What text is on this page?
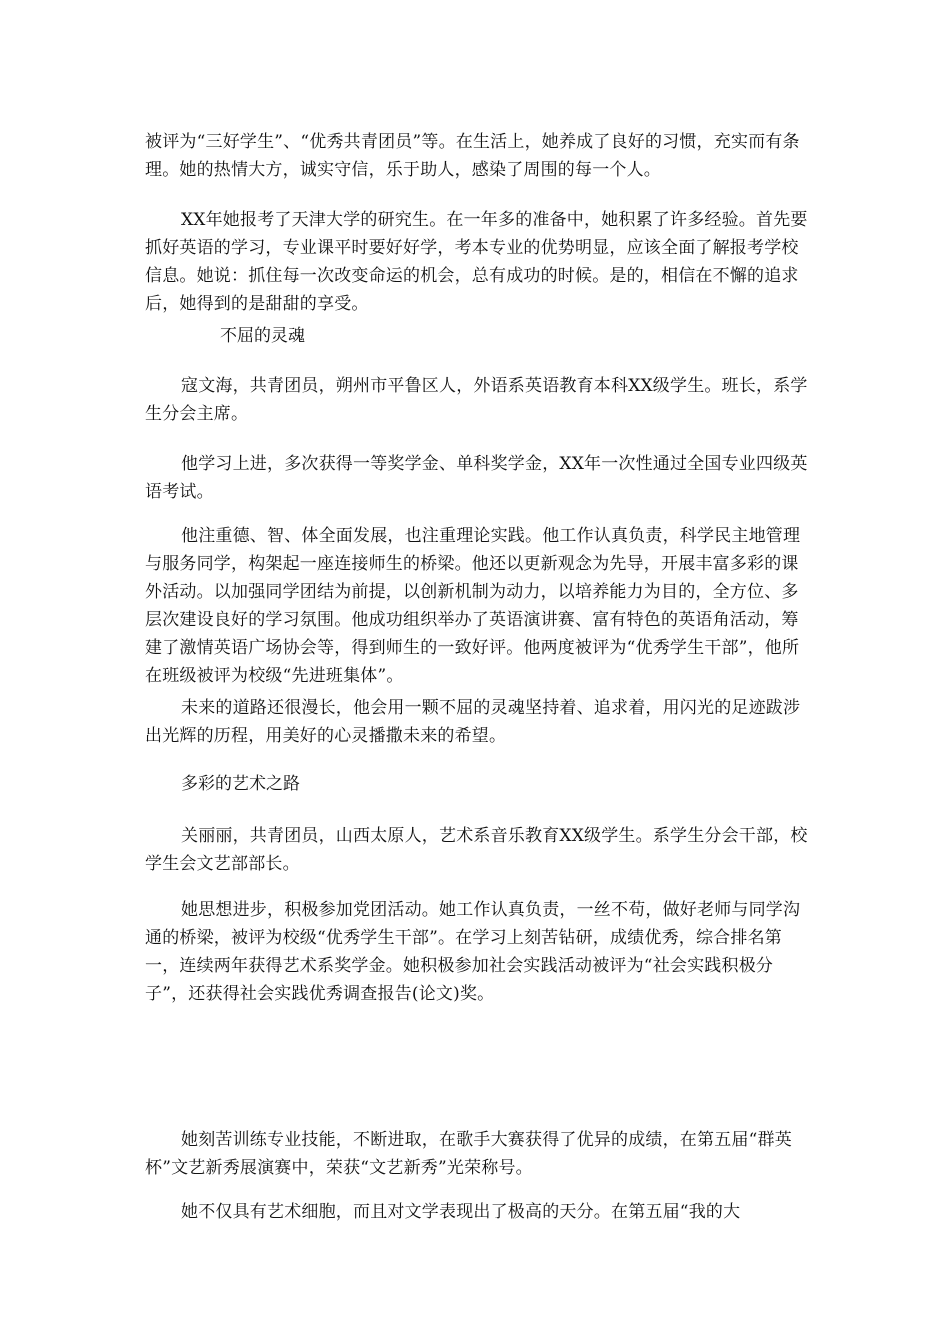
被评为“三好学生”、“优秀共青团员”等。在生活上，她养成了良好的习惯，充实而有条理。她的热情大方，诚实守信，乐于助人，感染了周围的每一个人。

XX年她报考了天津大学的研究生。在一年多的准备中，她积累了许多经验。首先要抓好英语的学习，专业课平时要好好学，考本专业的优势明显，应该全面了解报考学校信息。她说：抓住每一次改变命运的机会，总有成功的时候。是的，相信在不懈的追求后，她得到的是甜甜的享受。

不屈的灵魂

寇文海，共青团员，朔州市平鲁区人，外语系英语教育本科XX级学生。班长，系学生分会主席。

他学习上进，多次获得一等奖学金、单科奖学金，XX年一次性通过全国专业四级英语考试。

他注重德、智、体全面发展，也注重理论实践。他工作认真负责，科学民主地管理与服务同学，构架起一座连接师生的桥梁。他还以更新观念为先导，开展丰富多彩的课外活动。以加强同学团结为前提，以创新机制为动力，以培养能力为目的，全方位、多层次建设良好的学习氛围。他成功组织举办了英语演讲赛、富有特色的英语角活动，筹建了激情英语广场协会等，得到师生的一致好评。他两度被评为“优秀学生干部”，他所在班级被评为校级“先进班集体”。

未来的道路还很漫长，他会用一颗不屈的灵魂坚持着、追求着，用闪光的足迹跋涉出光辉的历程，用美好的心灵播撒未来的希望。

多彩的艺术之路

关丽丽，共青团员，山西太原人，艺术系音乐教育XX级学生。系学生分会干部，校学生会文艺部部长。

她思想进步，积极参加党团活动。她工作认真负责，一丝不苟，做好老师与同学沟通的桥梁，被评为校级“优秀学生干部”。在学习上刻苦钻研，成绩优秀，综合排名第一，连续两年获得艺术系奖学金。她积极参加社会实践活动被评为“社会实践积极分子”，还获得社会实践优秀调查报告(论文)奖。

她刻苦训练专业技能，不断进取，在歌手大赛获得了优异的成绩，在第五届“群英杯”文艺新秀展演赛中，荣获“文艺新秀”光荣称号。

她不仅具有艺术细胞，而且对文学表现出了极高的天分。在第五届“我的大
